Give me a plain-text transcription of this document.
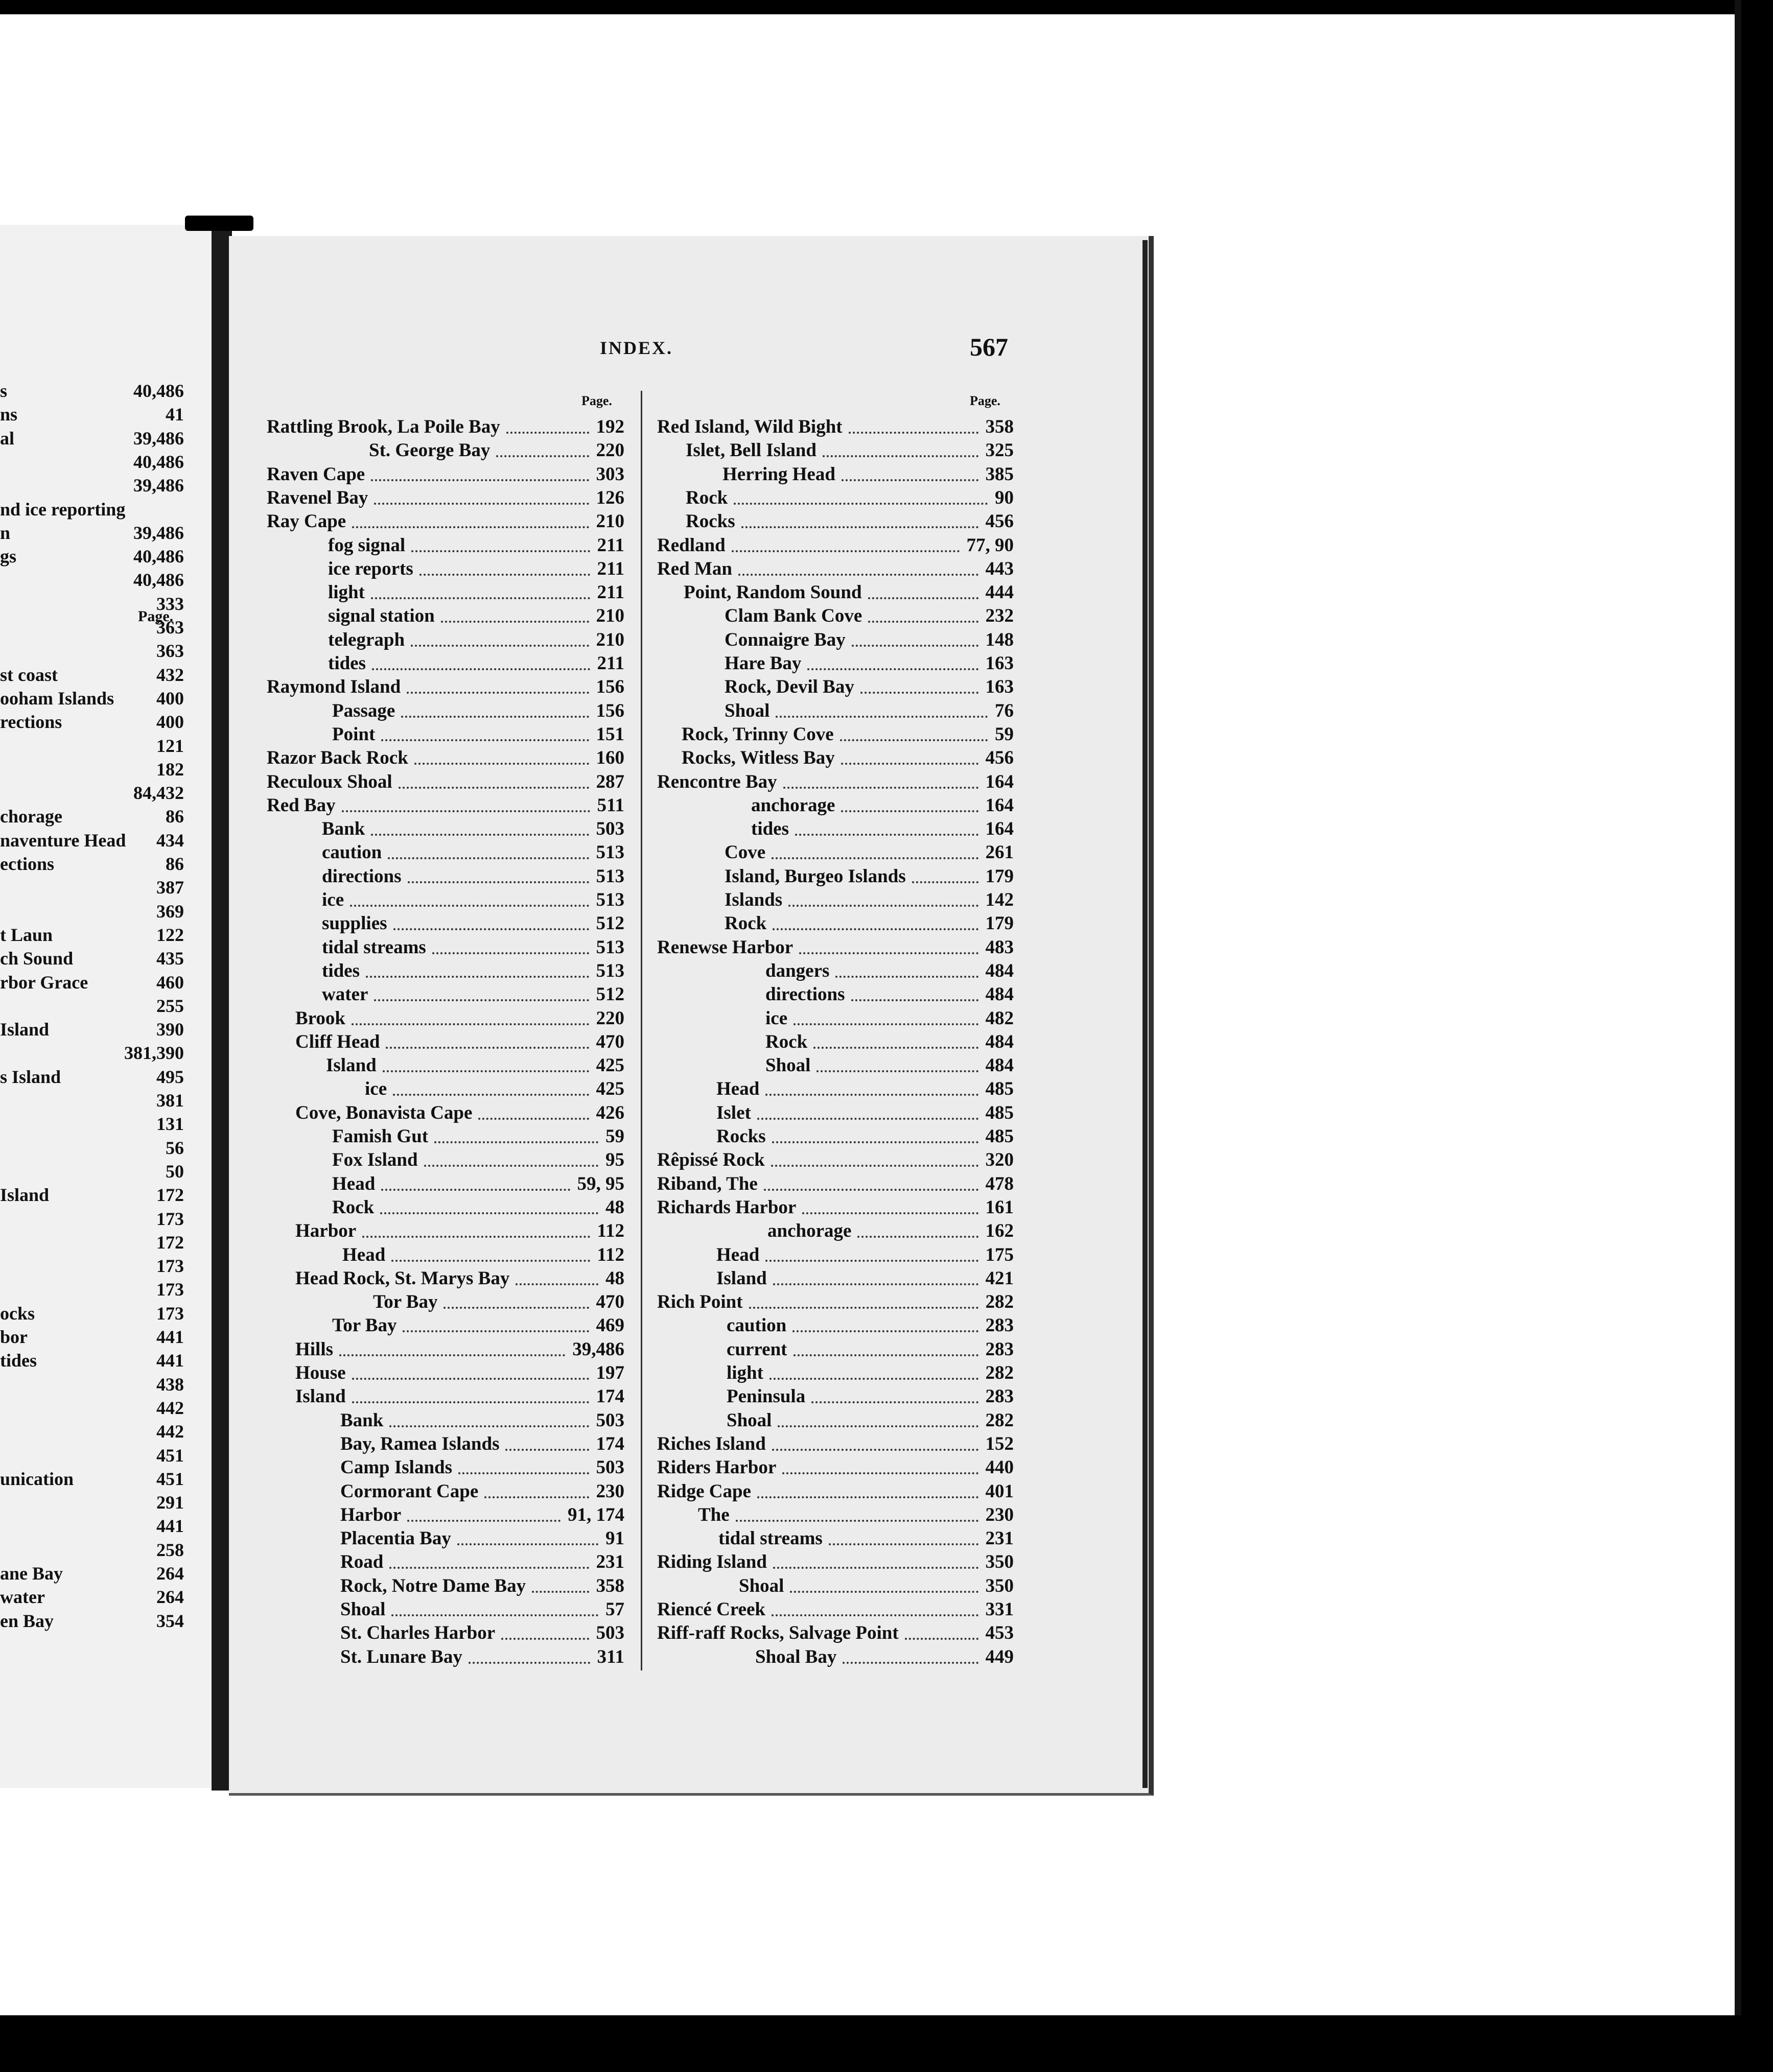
Page.
s	40,486
ns	41
al	39,486
40,486
39,486
nd ice reporting
n	39,486
gs	40,486
40,486
333
363
363
st coast	432
ooham Islands 400
rections	400
121
182
84,432
chorage	86
naventure Head 434
ections	86
387
369
t Laun	122
ch Sound	435
rbor Grace	460
255
Island	390
381,390
s Island	495
381
131
56
50
Island	172
173
172
173
173
ocks	173
bor	441
tides	441
438
442
442
451
unication	451
291
441
258
ane Bay	264
water	264
en Bay	354
INDEX.	567
Page.	Page.
Rattling Brook, La Poile Bay	192
St. George Bay	220
Raven Cape	303
Ravenel Bay	126
Ray Cape	210
fog signal	211
ice reports	211
light	211
signal station	210
telegraph	210
tides	211
Raymond Island	156
Passage	156
Point	151
Razor Back Rock	160
Reculoux Shoal	287
Red Bay	511
Bank	503
caution	513
directions	513
ice	513
supplies	512
tidal streams	513
tides	513
water	512
Brook	220
Cliff Head	470
Island	425
ice	425
Cove, Bonavista Cape	426
Famish Gut	59
Fox Island	95
Head	59, 95
Rock	48
Harbor	112
Head	112
Head Rock, St. Marys Bay	48
Tor Bay	470
Tor Bay	469
Hills	39,486
House	197
Island	174
Bank	503
Bay, Ramea Islands	174
Camp Islands	503
Cormorant Cape	230
Harbor	91, 174
Placentia Bay	91
Road	231
Rock, Notre Dame Bay	358
Shoal	57
St. Charles Harbor	503
St. Lunare Bay	311
Red Island, Wild Bight	358
Islet, Bell Island	325
Herring Head	385
Rock	90
Rocks	456
Redland	77, 90
Red Man	443
Point, Random Sound	444
Clam Bank Cove	232
Connaigre Bay	148
Hare Bay	163
Rock, Devil Bay	163
Shoal	76
Rock, Trinny Cove	59
Rocks, Witless Bay	456
Rencontre Bay	164
anchorage	164
tides	164
Cove	261
Island, Burgeo Islands	179
Islands	142
Rock	179
Renewse Harbor	483
dangers	484
directions	484
ice	482
Rock	484
Shoal	484
Head	485
Islet	485
Rocks	485
Rêpissé Rock	320
Riband, The	478
Richards Harbor	161
anchorage	162
Head	175
Island	421
Rich Point	282
caution	283
current	283
light	282
Peninsula	283
Shoal	282
Riches Island	152
Riders Harbor	440
Ridge Cape	401
The	230
tidal streams	231
Riding Island	350
Shoal	350
Riencé Creek	331
Riff-raff Rocks, Salvage Point	453
Shoal Bay	449
